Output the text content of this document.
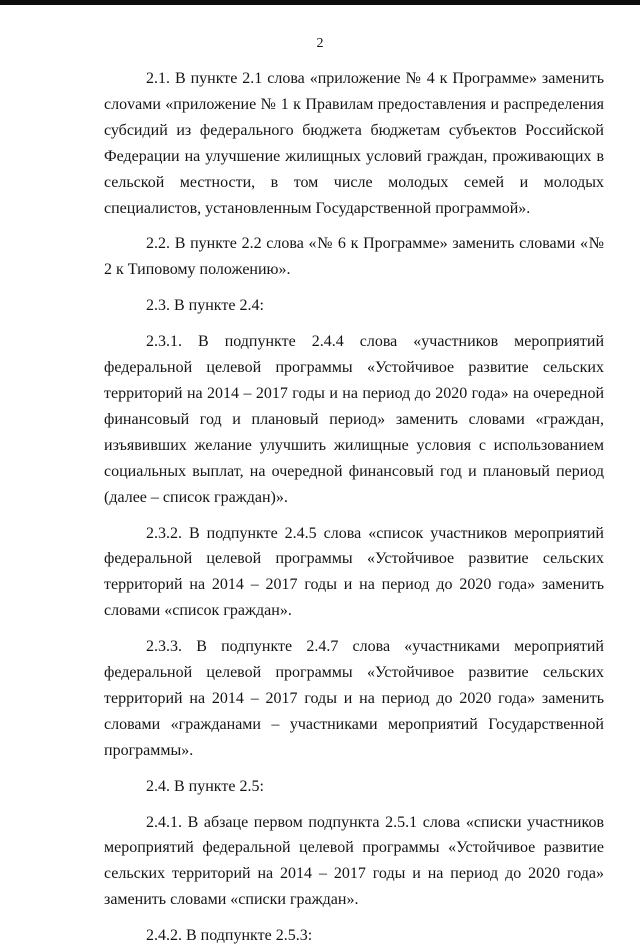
2

2.1. В пункте 2.1 слова «приложение № 4 к Программе» заменить слоvами «приложение № 1 к Правилам предоставления и распределения субсидий из федерального бюджета бюджетам субъектов Российской Федерации на улучшение жилищных условий граждан, проживающих в сельской местности, в том числе молодых семей и молодых специалистов, установленным Государственной программой».

2.2. В пункте 2.2 слова «№ 6 к Программе» заменить словами «№ 2 к Типовому положению».

2.3. В пункте 2.4:

2.3.1. В подпункте 2.4.4 слова «участников мероприятий федеральной целевой программы «Устойчивое развитие сельских территорий на 2014 – 2017 годы и на период до 2020 года» на очередной финансовый год и плановый период» заменить словами «граждан, изъявивших желание улучшить жилищные условия с использованием социальных выплат, на очередной финансовый год и плановый период (далее – список граждан)».

2.3.2. В подпункте 2.4.5 слова «список участников мероприятий федеральной целевой программы «Устойчивое развитие сельских территорий на 2014 – 2017 годы и на период до 2020 года» заменить словами «список граждан».

2.3.3. В подпункте 2.4.7 слова «участниками мероприятий федеральной целевой программы «Устойчивое развитие сельских территорий на 2014 – 2017 годы и на период до 2020 года» заменить словами «гражданами – участниками мероприятий Государственной программы».

2.4. В пункте 2.5:

2.4.1. В абзаце первом подпункта 2.5.1 слова «списки участников мероприятий федеральной целевой программы «Устойчивое развитие сельских территорий на 2014 – 2017 годы и на период до 2020 года» заменить словами «списки граждан».

2.4.2. В подпункте 2.5.3:
